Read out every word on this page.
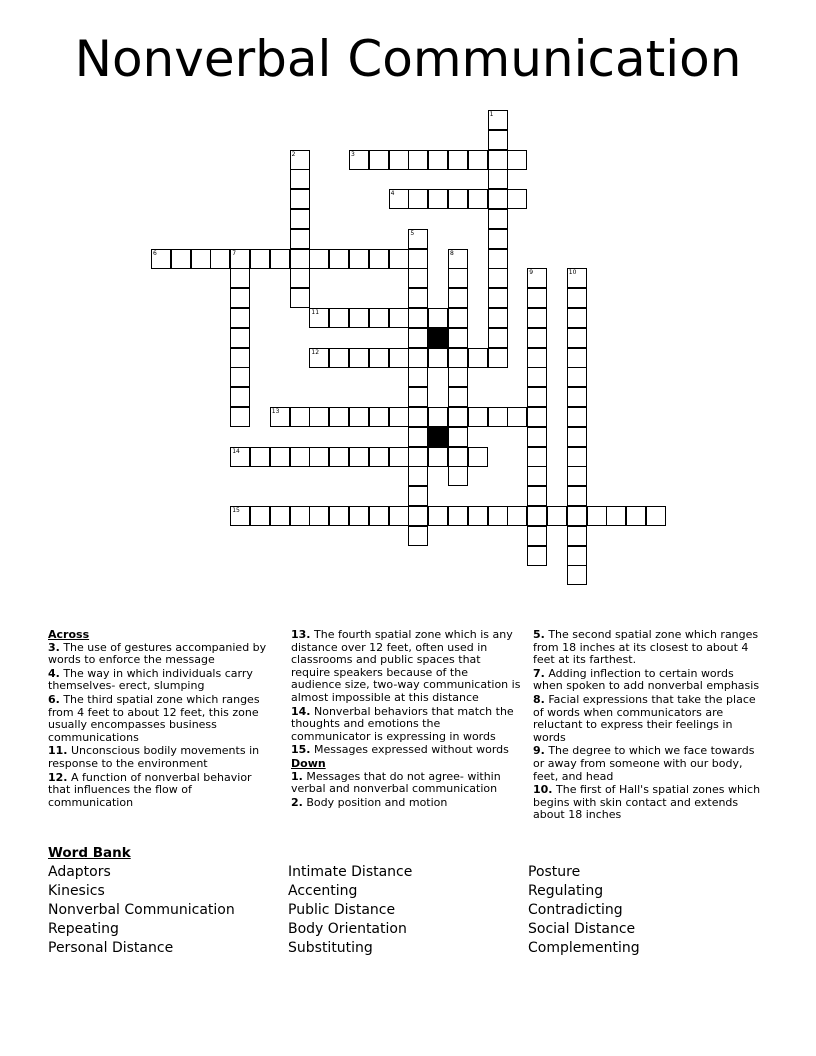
Nonverbal Communication
1
2	3
4
5
6	7	8
9	10
11
12
13
14
15
Across
3. The use of gestures accompanied by words to enforce the message
4. The way in which individuals carry themselves- erect, slumping
6. The third spatial zone which ranges from 4 feet to about 12 feet, this zone usually encompasses business communications
11. Unconscious bodily movements in response to the environment
12. A function of nonverbal behavior that influences the flow of communication
13. The fourth spatial zone which is any distance over 12 feet, often used in classrooms and public spaces that require speakers because of the audience size, two-way communication is almost impossible at this distance
14. Nonverbal behaviors that match the thoughts and emotions the communicator is expressing in words
15. Messages expressed without words
Down
1. Messages that do not agree- within verbal and nonverbal communication
2. Body position and motion
5. The second spatial zone which ranges from 18 inches at its closest to about 4 feet at its farthest.
7. Adding inflection to certain words when spoken to add nonverbal emphasis
8. Facial expressions that take the place of words when communicators are reluctant to express their feelings in words
9. The degree to which we face towards or away from someone with our body, feet, and head
10. The first of Hall's spatial zones which begins with skin contact and extends about 18 inches
Word Bank
Adaptors
Kinesics
Nonverbal Communication
Repeating
Personal Distance
Intimate Distance
Accenting
Public Distance
Body Orientation
Substituting
Posture
Regulating
Contradicting
Social Distance
Complementing
